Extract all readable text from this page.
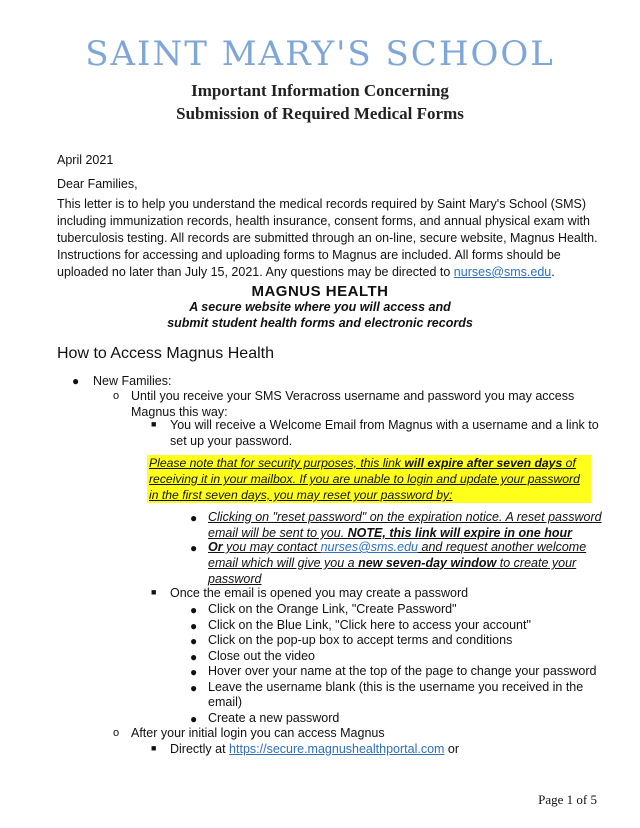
SAINT MARY'S SCHOOL
Important Information Concerning
Submission of Required Medical Forms
April 2021
Dear Families,
This letter is to help you understand the medical records required by Saint Mary's School (SMS)
including immunization records, health insurance, consent forms, and annual physical exam with
tuberculosis testing. All records are submitted through an on-line, secure website, Magnus Health.
Instructions for accessing and uploading forms to Magnus are included. All forms should be
uploaded no later than July 15, 2021. Any questions may be directed to nurses@sms.edu.
MAGNUS HEALTH
A secure website where you will access and
submit student health forms and electronic records
How to Access Magnus Health
● New Families:
o Until you receive your SMS Veracross username and password you may access
Magnus this way:
■ You will receive a Welcome Email from Magnus with a username and a link to
set up your password.
Please note that for security purposes, this link will expire after seven days of
receiving it in your mailbox. If you are unable to login and update your password
in the first seven days, you may reset your password by:
● Clicking on "reset password" on the expiration notice. A reset password
email will be sent to you. NOTE, this link will expire in one hour
● Or you may contact nurses@sms.edu and request another welcome
email which will give you a new seven-day window to create your
password
■ Once the email is opened you may create a password
● Click on the Orange Link, "Create Password"
● Click on the Blue Link, "Click here to access your account"
● Click on the pop-up box to accept terms and conditions
● Close out the video
● Hover over your name at the top of the page to change your password
● Leave the username blank (this is the username you received in the
email)
● Create a new password
o After your initial login you can access Magnus
■ Directly at https://secure.magnushealthportal.com or
Page 1 of 5
